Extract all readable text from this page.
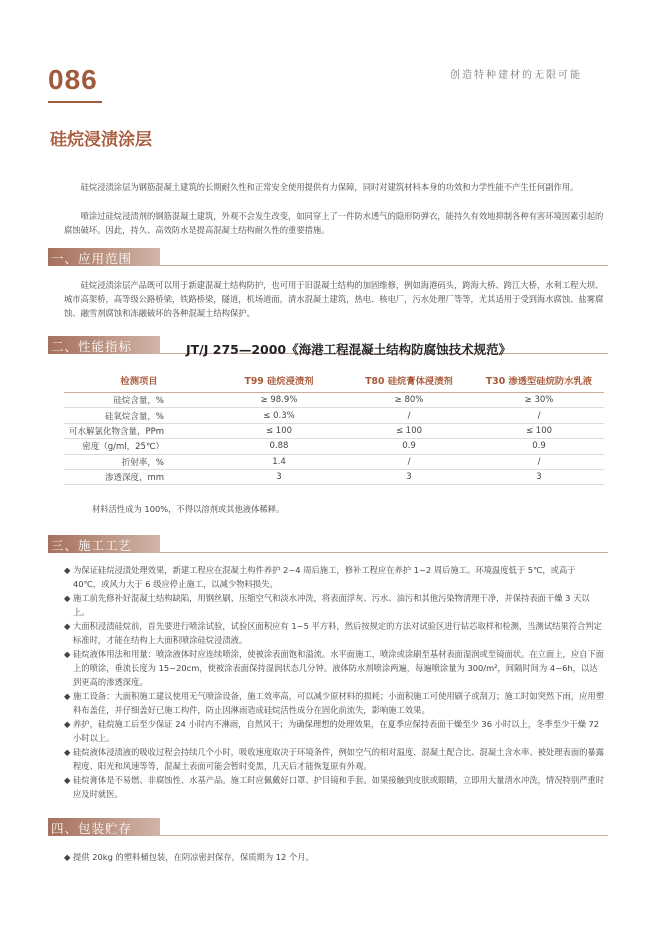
086	创造特种建材的无限可能
硅烷浸渍涂层

硅烷浸渍涂层为钢筋混凝土建筑的长期耐久性和正常安全使用提供有力保障，同时对建筑材料本身的功效和力学性能不产生任何副作用。

喷涂过硅烷浸渍剂的钢筋混凝土建筑，外观不会发生改变，如同穿上了一件防水透气的隐形防弹衣，能持久有效地抑制各种有害环境因素引起的腐蚀破坏。因此，持久、高效防水是提高混凝土结构耐久性的重要措施。

一、应用范围

硅烷浸渍涂层产品既可以用于新建混凝土结构防护，也可用于旧混凝土结构的加固维修，例如海港码头，跨海大桥、跨江大桥，水利工程大坝、城市高架桥，高等级公路桥梁，铁路桥梁，隧道，机场道面，清水混凝土建筑，热电、核电厂，污水处理厂等等，尤其适用于受到海水腐蚀、盐雾腐蚀、融雪剂腐蚀和冻融破坏的各种混凝土结构保护。

二、性能指标	JT/J 275—2000《海港工程混凝土结构防腐蚀技术规范》
检测项目	T99 硅烷浸渍剂	T80 硅烷膏体浸渍剂	T30 渗透型硅烷防水乳液
硅烷含量，%	≥ 98.9%	≥ 80%	≥ 30%
硅氧烷含量，%	≤ 0.3%	/	/
可水解氯化物含量，PPm	≤ 100	≤ 100	≤ 100
密度（g/ml，25℃）	0.88	0.9	0.9
折射率，%	1.4	/	/
渗透深度，mm	3	3	3
材料活性成为 100%，不得以溶剂或其他液体稀释。
三、施工工艺
◆ 为保证硅烷浸渍处理效果，新建工程应在混凝土构件养护 2~4 周后施工，修补工程应在养护 1~2 周后施工。环境温度低于 5℃，或高于 40℃，或风力大于 6 级应停止施工，以减少物料损失。
◆ 施工前先修补好混凝土结构缺陷，用钢丝刷、压缩空气和淡水冲洗，将表面浮灰、污水、油污和其他污染物清理干净，并保持表面干燥 3 天以上。
◆ 大面积浸渍硅烷前，首先要进行喷涂试验，试验区面积应有 1~5 平方料，然后按规定的方法对试验区进行钻芯取样和检测，当测试结果符合判定标准时，才能在结构上大面积喷涂硅烷浸渍液。
◆ 硅烷液体用法和用量：喷涂液体时应连续喷涂，使被涂表面饱和溢流。水平面施工，喷涂或涂刷至基材表面湿润或至镜面状。在立面上，应自下面上的喷涂，垂流长度为 15~20cm，使被涂表面保持湿润状态几分钟。液体防水剂喷涂两遍，每遍喷涂量为 300/m²，间隔时间为 4~6h，以达到更高的渗透深度。
◆ 施工设备：大面积施工建议使用无气喷涂设备，施工效率高，可以减少原材料的损耗；小面积施工可使用刷子或刮刀；施工时如突然下雨，应用塑料布盖住，并仔细盖好已施工构件，防止因淋雨造成硅烷活性成分在固化前流失，影响施工效果。
◆ 养护，硅烷施工后至少保证 24 小时内不淋雨，自然风干；为确保理想的处理效果，在夏季应保持表面干燥至少 36 小时以上，冬季至少干燥 72 小时以上。
◆ 硅烷液体浸渍液的吸收过程会持续几个小时，吸收速度取决于环境条件，例如空气的相对温度、混凝土配合比、混凝土含水率、被处理表面的暴露程度、阳光和风速等等，混凝土表面可能会暂时变黑，几天后才能恢复原有外观。
◆ 硅烷膏体是不易燃、非腐蚀性、水基产品。施工时应佩戴好口罩、护目镜和手套。如果接触到皮肤或眼睛，立即用大量清水冲洗，情况特别严重时应及时就医。
四、包装贮存
◆ 提供 20kg 的塑料桶包装，在阴凉密封保存，保质期为 12 个月。
